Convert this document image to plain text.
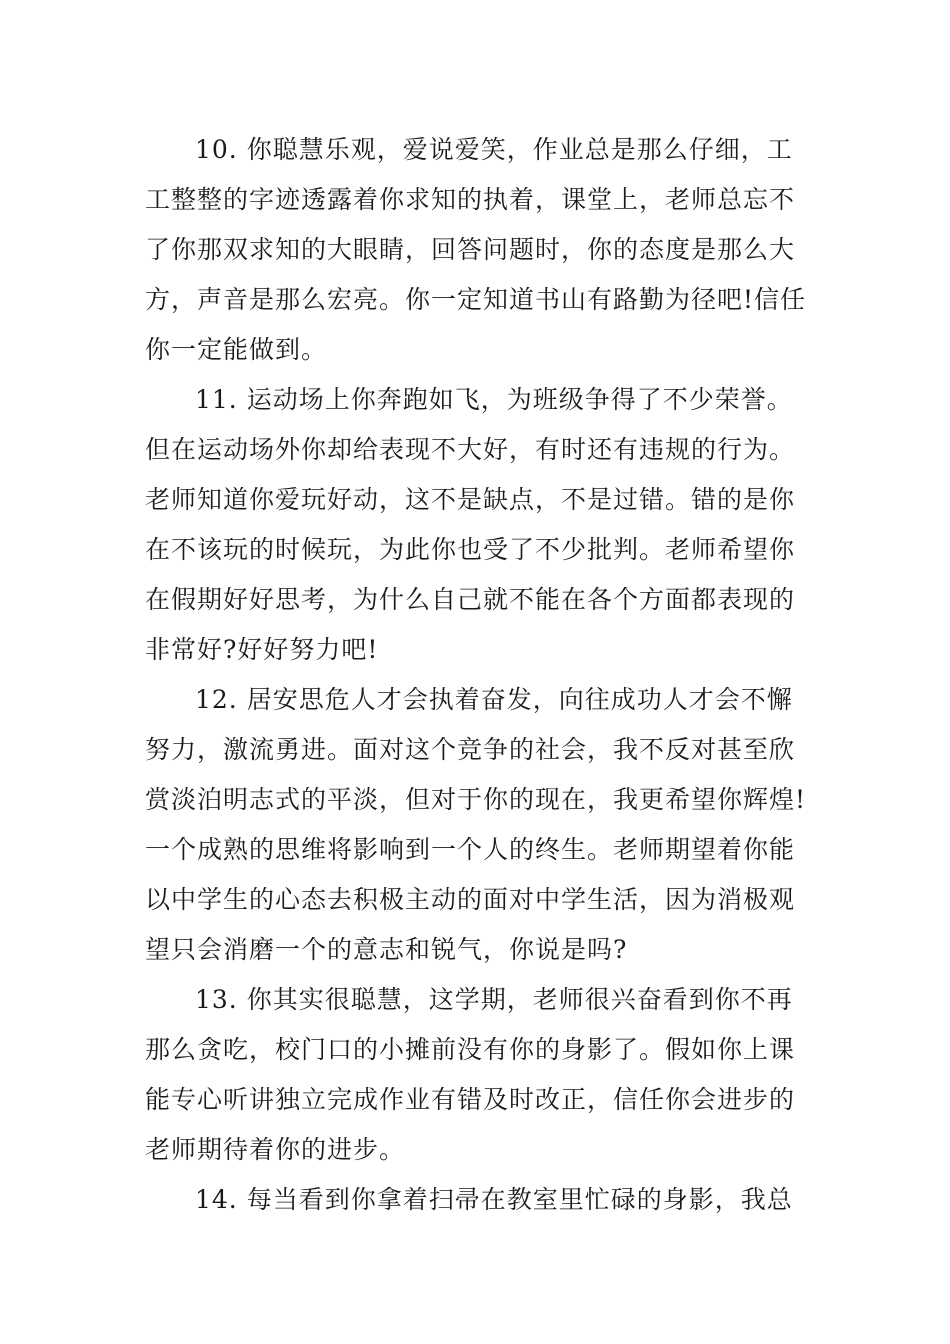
10. 你聪慧乐观，爱说爱笑，作业总是那么仔细，工
工整整的字迹透露着你求知的执着，课堂上，老师总忘不
了你那双求知的大眼睛，回答问题时，你的态度是那么大
方，声音是那么宏亮。你一定知道书山有路勤为径吧!信任
你一定能做到。
11. 运动场上你奔跑如飞，为班级争得了不少荣誉。
但在运动场外你却给表现不大好，有时还有违规的行为。
老师知道你爱玩好动，这不是缺点，不是过错。错的是你
在不该玩的时候玩，为此你也受了不少批判。老师希望你
在假期好好思考，为什么自己就不能在各个方面都表现的
非常好?好好努力吧!
12. 居安思危人才会执着奋发，向往成功人才会不懈
努力，激流勇进。面对这个竞争的社会，我不反对甚至欣
赏淡泊明志式的平淡，但对于你的现在，我更希望你辉煌!
一个成熟的思维将影响到一个人的终生。老师期望着你能
以中学生的心态去积极主动的面对中学生活，因为消极观
望只会消磨一个的意志和锐气，你说是吗?
13. 你其实很聪慧，这学期，老师很兴奋看到你不再
那么贪吃，校门口的小摊前没有你的身影了。假如你上课
能专心听讲独立完成作业有错及时改正，信任你会进步的
老师期待着你的进步。
14. 每当看到你拿着扫帚在教室里忙碌的身影，我总
